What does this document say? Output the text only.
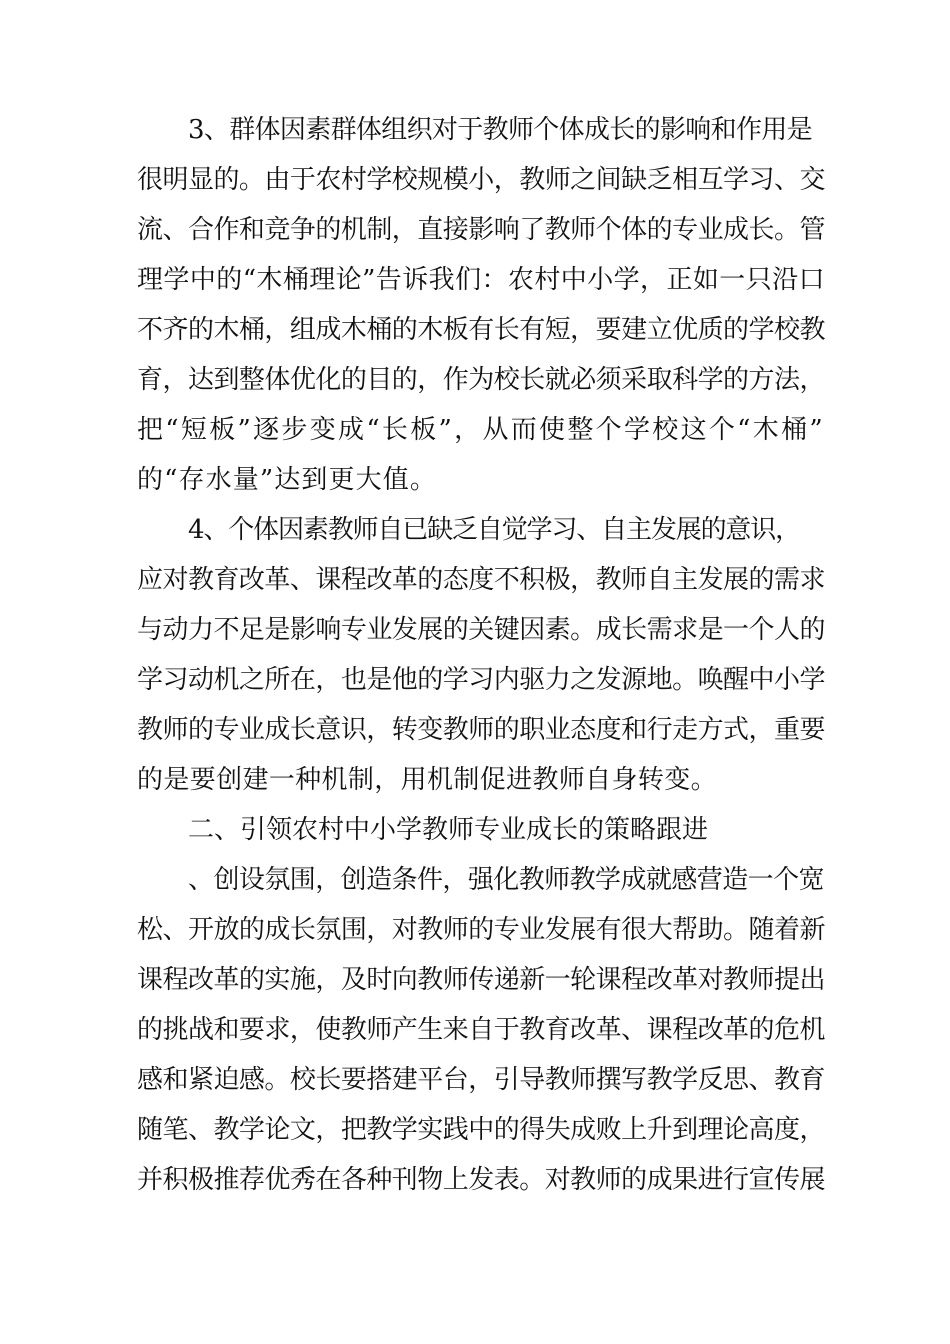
3、群体因素群体组织对于教师个体成长的影响和作用是
很明显的。由于农村学校规模小，教师之间缺乏相互学习、交
流、合作和竞争的机制，直接影响了教师个体的专业成长。管
理学中的“木桶理论”告诉我们：农村中小学，正如一只沿口
不齐的木桶，组成木桶的木板有长有短，要建立优质的学校教
育，达到整体优化的目的，作为校长就必须采取科学的方法，
把“短板”逐步变成“长板”，从而使整个学校这个“木桶”
的“存水量”达到更大值。
4、个体因素教师自已缺乏自觉学习、自主发展的意识，
应对教育改革、课程改革的态度不积极，教师自主发展的需求
与动力不足是影响专业发展的关键因素。成长需求是一个人的
学习动机之所在，也是他的学习内驱力之发源地。唤醒中小学
教师的专业成长意识，转变教师的职业态度和行走方式，重要
的是要创建一种机制，用机制促进教师自身转变。
二、引领农村中小学教师专业成长的策略跟进
、创设氛围，创造条件，强化教师教学成就感营造一个宽
松、开放的成长氛围，对教师的专业发展有很大帮助。随着新
课程改革的实施，及时向教师传递新一轮课程改革对教师提出
的挑战和要求，使教师产生来自于教育改革、课程改革的危机
感和紧迫感。校长要搭建平台，引导教师撰写教学反思、教育
随笔、教学论文，把教学实践中的得失成败上升到理论高度，
并积极推荐优秀在各种刊物上发表。对教师的成果进行宣传展
